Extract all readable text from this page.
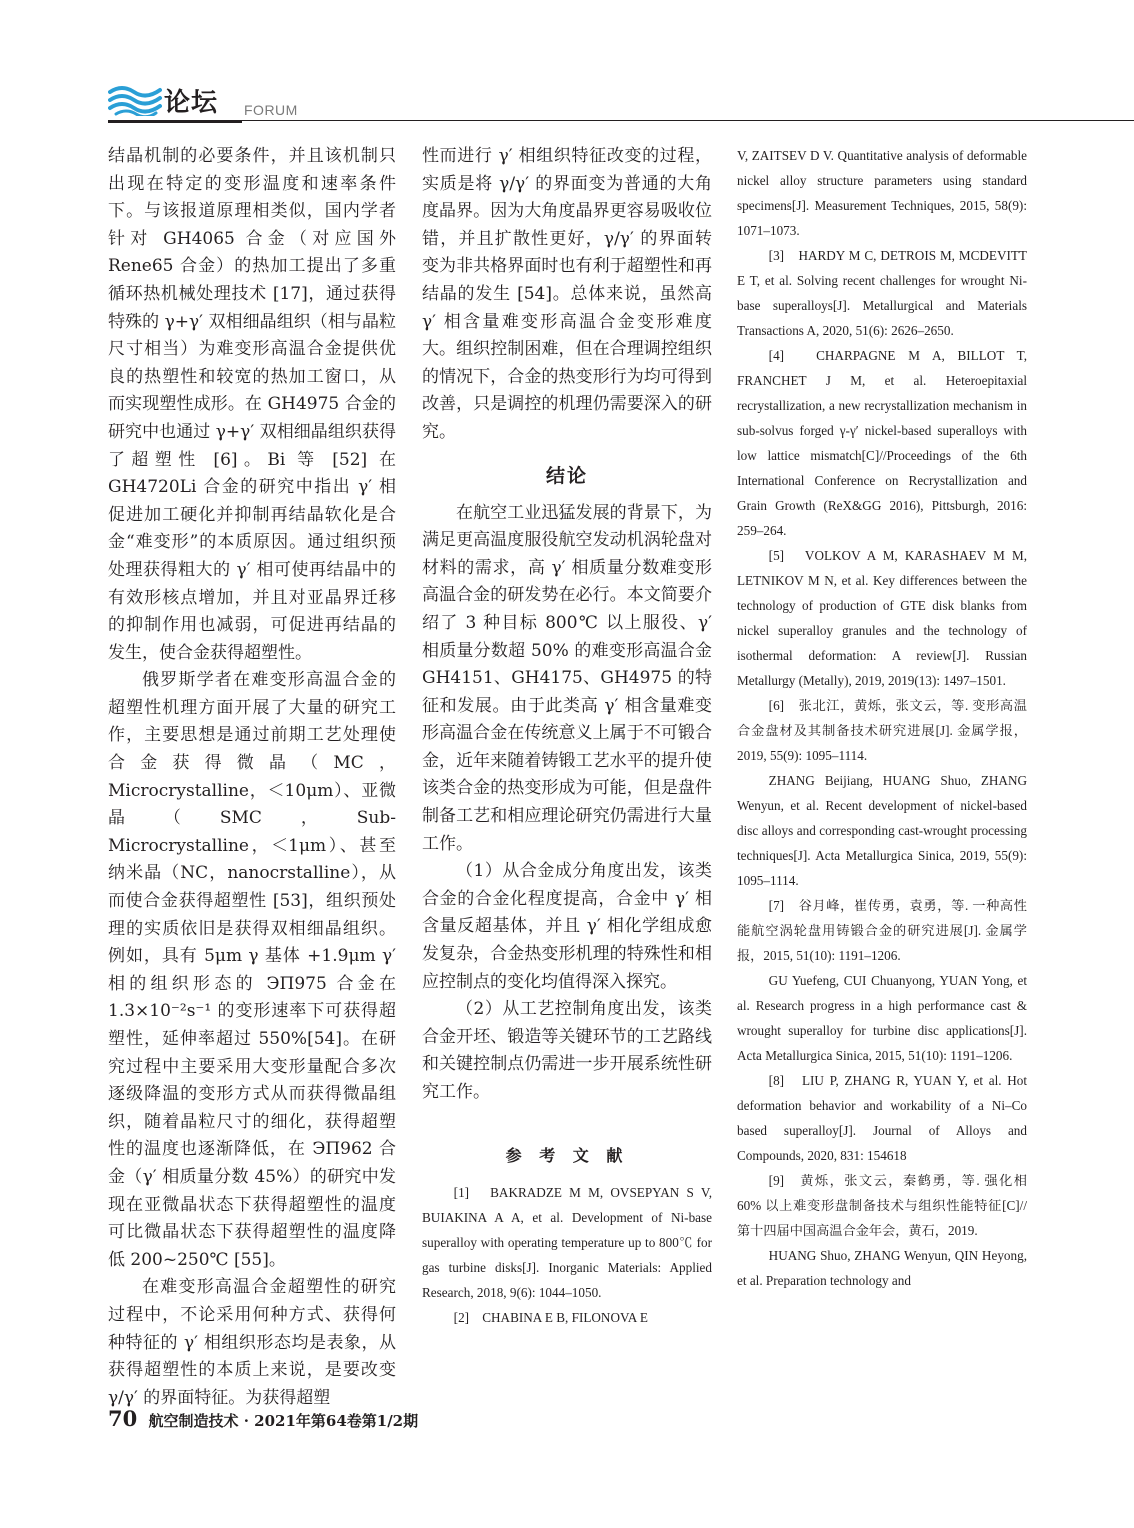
论坛 FORUM

结晶机制的必要条件，并且该机制只出现在特定的变形温度和速率条件下。与该报道原理相类似，国内学者针对 GH4065 合金（对应国外 Rene65 合金）的热加工提出了多重循环热机械处理技术 [17]，通过获得特殊的 γ+γ′ 双相细晶组织（相与晶粒尺寸相当）为难变形高温合金提供优良的热塑性和较宽的热加工窗口，从而实现塑性成形。在 GH4975 合金的研究中也通过 γ+γ′ 双相细晶组织获得了超塑性 [6]。Bi 等 [52] 在 GH4720Li 合金的研究中指出 γ′ 相促进加工硬化并抑制再结晶软化是合金“难变形”的本质原因。通过组织预处理获得粗大的 γ′ 相可使再结晶中的有效形核点增加，并且对亚晶界迁移的抑制作用也减弱，可促进再结晶的发生，使合金获得超塑性。

俄罗斯学者在难变形高温合金的超塑性机理方面开展了大量的研究工作，主要思想是通过前期工艺处理使合金获得微晶（MC，Microcrystalline，＜10μm）、亚微晶（SMC，Sub-Microcrystalline，＜1μm）、甚至纳米晶（NC，nanocrstalline），从而使合金获得超塑性 [53]，组织预处理的实质依旧是获得双相细晶组织。例如，具有 5μm γ 基体 +1.9μm γ′ 相的组织形态的 ЭП975 合金在 1.3×10⁻²s⁻¹ 的变形速率下可获得超塑性，延伸率超过 550%[54]。在研究过程中主要采用大变形量配合多次逐级降温的变形方式从而获得微晶组织，随着晶粒尺寸的细化，获得超塑性的温度也逐渐降低，在 ЭП962 合金（γ′ 相质量分数 45%）的研究中发现在亚微晶状态下获得超塑性的温度可比微晶状态下获得超塑性的温度降低 200~250℃ [55]。

在难变形高温合金超塑性的研究过程中，不论采用何种方式、获得何种特征的 γ′ 相组织形态均是表象，从获得超塑性的本质上来说，是要改变 γ/γ′ 的界面特征。为获得超塑

性而进行 γ′ 相组织特征改变的过程，实质是将 γ/γ′ 的界面变为普通的大角度晶界。因为大角度晶界更容易吸收位错，并且扩散性更好，γ/γ′ 的界面转变为非共格界面时也有利于超塑性和再结晶的发生 [54]。总体来说，虽然高 γ′ 相含量难变形高温合金变形难度大。组织控制困难，但在合理调控组织的情况下，合金的热变形行为均可得到改善，只是调控的机理仍需要深入的研究。

结论

在航空工业迅猛发展的背景下，为满足更高温度服役航空发动机涡轮盘对材料的需求，高 γ′ 相质量分数难变形高温合金的研发势在必行。本文简要介绍了 3 种目标 800℃ 以上服役、γ′ 相质量分数超 50% 的难变形高温合金 GH4151、GH4175、GH4975 的特征和发展。由于此类高 γ′ 相含量难变形高温合金在传统意义上属于不可锻合金，近年来随着铸锻工艺水平的提升使该类合金的热变形成为可能，但是盘件制备工艺和相应理论研究仍需进行大量工作。

（1）从合金成分角度出发，该类合金的合金化程度提高，合金中 γ′ 相含量反超基体，并且 γ′ 相化学组成愈发复杂，合金热变形机理的特殊性和相应控制点的变化均值得深入探究。

（2）从工艺控制角度出发，该类合金开坯、锻造等关键环节的工艺路线和关键控制点仍需进一步开展系统性研究工作。

参 考 文 献

[1]　BAKRADZE M M, OVSEPYAN S V, BUIAKINA A A, et al. Development of Ni-base superalloy with operating temperature up to 800℃ for gas turbine disks[J]. Inorganic Materials: Applied Research, 2018, 9(6): 1044–1050.

[2]　CHABINA E B, FILONOVA E

V, ZAITSEV D V. Quantitative analysis of deformable nickel alloy structure parameters using standard specimens[J]. Measurement Techniques, 2015, 58(9): 1071–1073.

[3]　HARDY M C, DETROIS M, MCDEVITT E T, et al. Solving recent challenges for wrought Ni-base superalloys[J]. Metallurgical and Materials Transactions A, 2020, 51(6): 2626–2650.

[4]　CHARPAGNE M A, BILLOT T, FRANCHET J M, et al. Heteroepitaxial recrystallization, a new recrystallization mechanism in sub-solvus forged γ-γ′ nickel-based superalloys with low lattice mismatch[C]//Proceedings of the 6th International Conference on Recrystallization and Grain Growth (ReX&GG 2016), Pittsburgh, 2016: 259–264.

[5]　VOLKOV A M, KARASHAEV M M, LETNIKOV M N, et al. Key differences between the technology of production of GTE disk blanks from nickel superalloy granules and the technology of isothermal deformation: A review[J]. Russian Metallurgy (Metally), 2019, 2019(13): 1497–1501.

[6]　张北江，黄烁，张文云，等. 变形高温合金盘材及其制备技术研究进展[J]. 金属学报，2019, 55(9): 1095–1114.

ZHANG Beijiang, HUANG Shuo, ZHANG Wenyun, et al. Recent development of nickel-based disc alloys and corresponding cast-wrought processing techniques[J]. Acta Metallurgica Sinica, 2019, 55(9): 1095–1114.

[7]　谷月峰，崔传勇，袁勇，等. 一种高性能航空涡轮盘用铸锻合金的研究进展[J]. 金属学报，2015, 51(10): 1191–1206.

GU Yuefeng, CUI Chuanyong, YUAN Yong, et al. Research progress in a high performance cast & wrought superalloy for turbine disc applications[J]. Acta Metallurgica Sinica, 2015, 51(10): 1191–1206.

[8]　LIU P, ZHANG R, YUAN Y, et al. Hot deformation behavior and workability of a Ni–Co based superalloy[J]. Journal of Alloys and Compounds, 2020, 831: 154618

[9]　黄烁，张文云，秦鹤勇，等. 强化相 60% 以上难变形盘制备技术与组织性能特征[C]// 第十四届中国高温合金年会，黄石，2019.

HUANG Shuo, ZHANG Wenyun, QIN Heyong, et al. Preparation technology and

70 航空制造技术 · 2021年第64卷第1/2期
